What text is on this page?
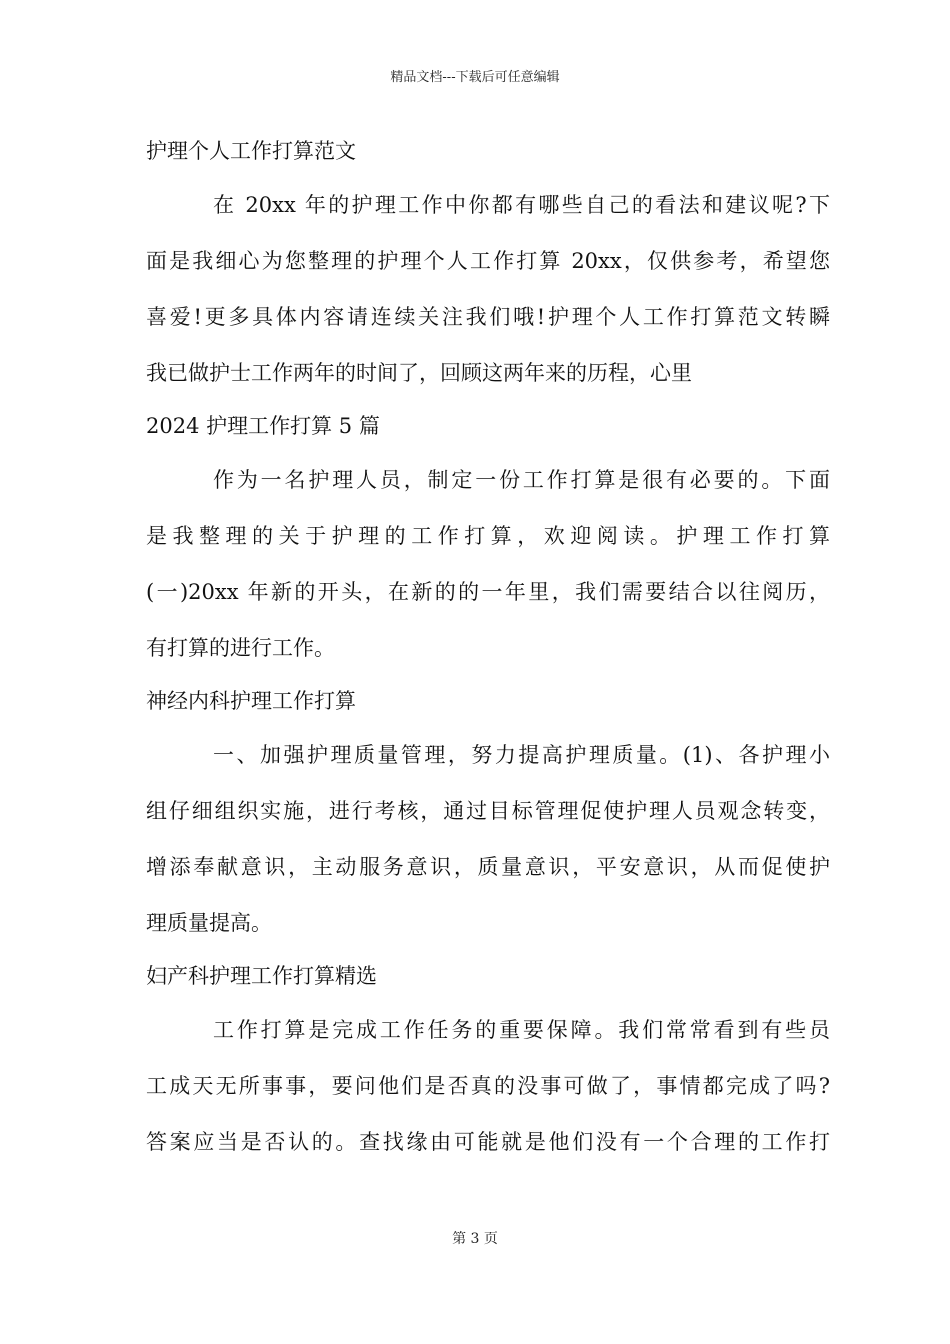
精品文档---下载后可任意编辑
护理个人工作打算范文
在 20xx 年的护理工作中你都有哪些自己的看法和建议呢?下
面是我细心为您整理的护理个人工作打算 20xx，仅供参考，希望您
喜爱!更多具体内容请连续关注我们哦!护理个人工作打算范文转瞬
我已做护士工作两年的时间了，回顾这两年来的历程，心里
2024 护理工作打算 5 篇
作为一名护理人员，制定一份工作打算是很有必要的。下面
是我整理的关于护理的工作打算，欢迎阅读。护理工作打算
(一)20xx 年新的开头，在新的的一年里，我们需要结合以往阅历，
有打算的进行工作。
神经内科护理工作打算
一、加强护理质量管理，努力提高护理质量。(1)、各护理小
组仔细组织实施，进行考核，通过目标管理促使护理人员观念转变，
增添奉献意识，主动服务意识，质量意识，平安意识，从而促使护
理质量提高。
妇产科护理工作打算精选
工作打算是完成工作任务的重要保障。我们常常看到有些员
工成天无所事事，要问他们是否真的没事可做了，事情都完成了吗?
答案应当是否认的。查找缘由可能就是他们没有一个合理的工作打
第 3 页
